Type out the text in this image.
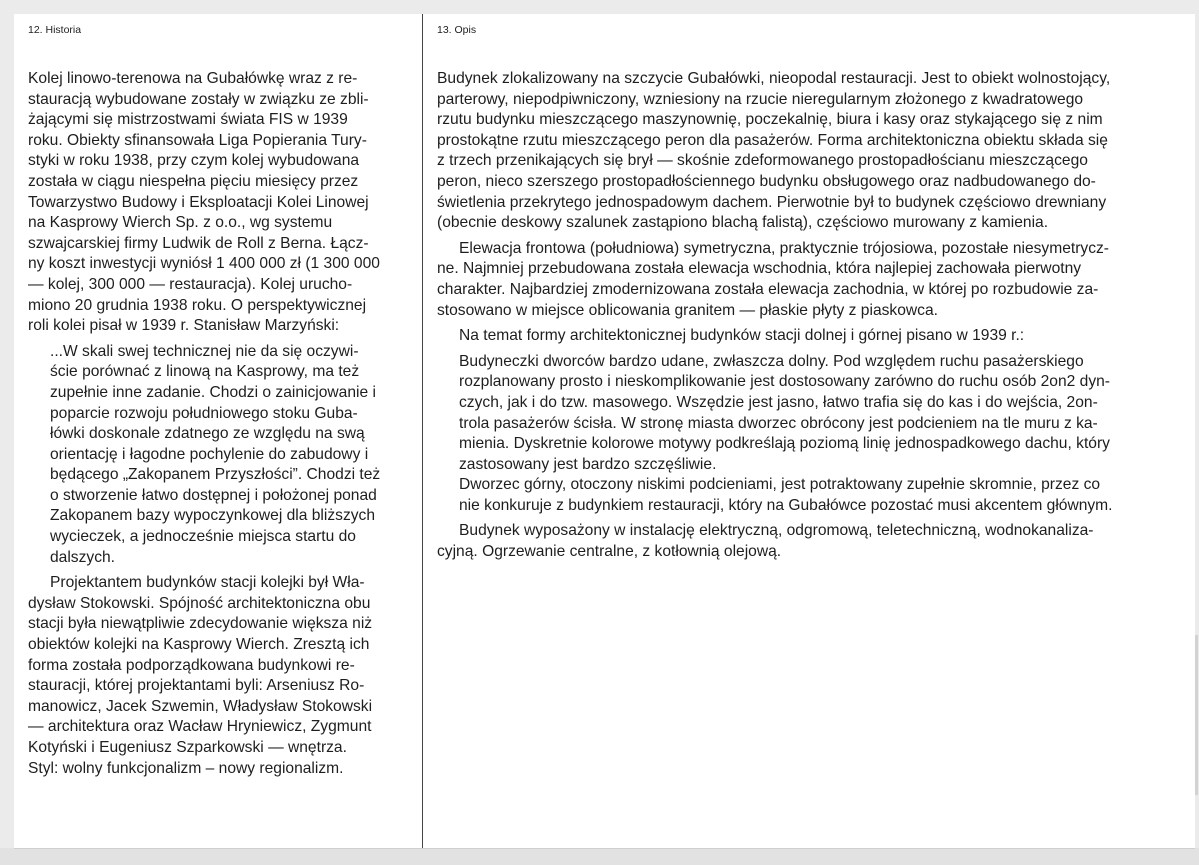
12. Historia

Kolej linowo-terenowa na Gubałówkę wraz z re-
stauracją wybudowane zostały w związku ze zbli-
żającymi się mistrzostwami świata FIS w 1939
roku. Obiekty sfinansowała Liga Popierania Tury-
styki w roku 1938, przy czym kolej wybudowana
została w ciągu niespełna pięciu miesięcy przez
Towarzystwo Budowy i Eksploatacji Kolei Linowej
na Kasprowy Wierch Sp. z o.o., wg systemu
szwajcarskiej firmy Ludwik de Roll z Berna. Łącz-
ny koszt inwestycji wyniósł 1 400 000 zł (1 300 000
— kolej, 300 000 — restauracja). Kolej urucho-
miono 20 grudnia 1938 roku. O perspektywicznej
roli kolei pisał w 1939 r. Stanisław Marzyński:

...W skali swej technicznej nie da się oczywi-
ście porównać z linową na Kasprowy, ma też
zupełnie inne zadanie. Chodzi o zainicjowanie i
poparcie rozwoju południowego stoku Guba-
łówki doskonale zdatnego ze względu na swą
orientację i łagodne pochylenie do zabudowy i
będącego „Zakopanem Przyszłości”. Chodzi też
o stworzenie łatwo dostępnej i położonej ponad
Zakopanem bazy wypoczynkowej dla bliższych
wycieczek, a jednocześnie miejsca startu do
dalszych.

Projektantem budynków stacji kolejki był Wła-
dysław Stokowski. Spójność architektoniczna obu
stacji była niewątpliwie zdecydowanie większa niż
obiektów kolejki na Kasprowy Wierch. Zresztą ich
forma została podporządkowana budynkowi re-
stauracji, której projektantami byli: Arseniusz Ro-
manowicz, Jacek Szwemin, Władysław Stokowski
— architektura oraz Wacław Hryniewicz, Zygmunt
Kotyński i Eugeniusz Szparkowski — wnętrza.
Styl: wolny funkcjonalizm – nowy regionalizm.

13. Opis

Budynek zlokalizowany na szczycie Gubałówki, nieopodal restauracji. Jest to obiekt wolnostojący,
parterowy, niepodpiwniczony, wzniesiony na rzucie nieregularnym złożonego z kwadratowego
rzutu budynku mieszczącego maszynownię, poczekalnię, biura i kasy oraz stykającego się z nim
prostokątne rzutu mieszczącego peron dla pasażerów. Forma architektoniczna obiektu składa się
z trzech przenikających się brył — skośnie zdeformowanego prostopadłościanu mieszczącego
peron, nieco szerszego prostopadłościennego budynku obsługowego oraz nadbudowanego do-
świetlenia przekrytego jednospadowym dachem. Pierwotnie był to budynek częściowo drewniany
(obecnie deskowy szalunek zastąpiono blachą falistą), częściowo murowany z kamienia.

Elewacja frontowa (południowa) symetryczna, praktycznie trójosiowa, pozostałe niesymetrycz-
ne. Najmniej przebudowana została elewacja wschodnia, która najlepiej zachowała pierwotny
charakter. Najbardziej zmodernizowana została elewacja zachodnia, w której po rozbudowie za-
stosowano w miejsce oblicowania granitem — płaskie płyty z piaskowca.

Na temat formy architektonicznej budynków stacji dolnej i górnej pisano w 1939 r.:

Budyneczki dworców bardzo udane, zwłaszcza dolny. Pod względem ruchu pasażerskiego
rozplanowany prosto i nieskomplikowanie jest dostosowany zarówno do ruchu osób 2on2 dyn-
czych, jak i do tzw. masowego. Wszędzie jest jasno, łatwo trafia się do kas i do wejścia, 2on-
trola pasażerów ścisła. W stronę miasta dworzec obrócony jest podcieniem na tle muru z ka-
mienia. Dyskretnie kolorowe motywy podkreślają poziomą linię jednospadkowego dachu, który
zastosowany jest bardzo szczęśliwie.
Dworzec górny, otoczony niskimi podcieniami, jest potraktowany zupełnie skromnie, przez co
nie konkuruje z budynkiem restauracji, który na Gubałówce pozostać musi akcentem głównym.

Budynek wyposażony w instalację elektryczną, odgromową, teletechniczną, wodnokanaliza-
cyjną. Ogrzewanie centralne, z kotłownią olejową.
